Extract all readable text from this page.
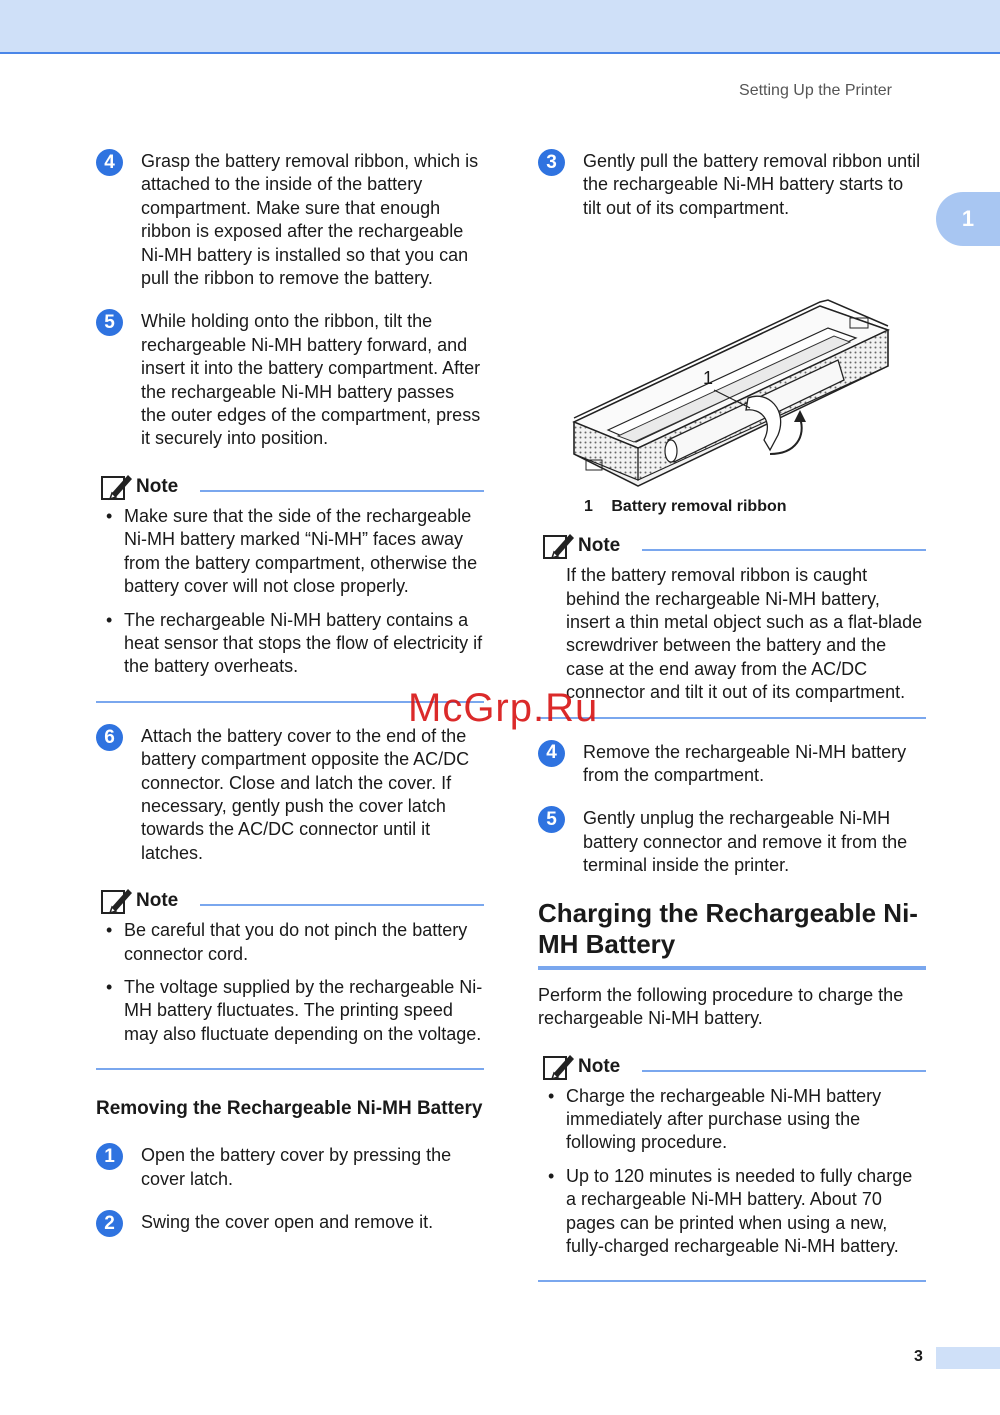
Setting Up the Printer
1
4	Grasp the battery removal ribbon, which is attached to the inside of the battery compartment. Make sure that enough ribbon is exposed after the rechargeable Ni-MH battery is installed so that you can pull the ribbon to remove the battery.
5	While holding onto the ribbon, tilt the rechargeable Ni-MH battery forward, and insert it into the battery compartment. After the rechargeable Ni-MH battery passes the outer edges of the compartment, press it securely into position.
Note
• Make sure that the side of the rechargeable Ni-MH battery marked “Ni-MH” faces away from the battery compartment, otherwise the battery cover will not close properly.
• The rechargeable Ni-MH battery contains a heat sensor that stops the flow of electricity if the battery overheats.
6	Attach the battery cover to the end of the battery compartment opposite the AC/DC connector. Close and latch the cover. If necessary, gently push the cover latch towards the AC/DC connector until it latches.
Note
• Be careful that you do not pinch the battery connector cord.
• The voltage supplied by the rechargeable Ni-MH battery fluctuates. The printing speed may also fluctuate depending on the voltage.
Removing the Rechargeable Ni-MH Battery
1	Open the battery cover by pressing the cover latch.
2	Swing the cover open and remove it.
3	Gently pull the battery removal ribbon until the rechargeable Ni-MH battery starts to tilt out of its compartment.
1
1 Battery removal ribbon
Note
If the battery removal ribbon is caught behind the rechargeable Ni-MH battery, insert a thin metal object such as a flat-blade screwdriver between the battery and the case at the end away from the AC/DC connector and tilt it out of its compartment.
4	Remove the rechargeable Ni-MH battery from the compartment.
5	Gently unplug the rechargeable Ni-MH battery connector and remove it from the terminal inside the printer.
Charging the Rechargeable Ni-MH Battery
Perform the following procedure to charge the rechargeable Ni-MH battery.
Note
• Charge the rechargeable Ni-MH battery immediately after purchase using the following procedure.
• Up to 120 minutes is needed to fully charge a rechargeable Ni-MH battery. About 70 pages can be printed when using a new, fully-charged rechargeable Ni-MH battery.
McGrp.Ru
3
